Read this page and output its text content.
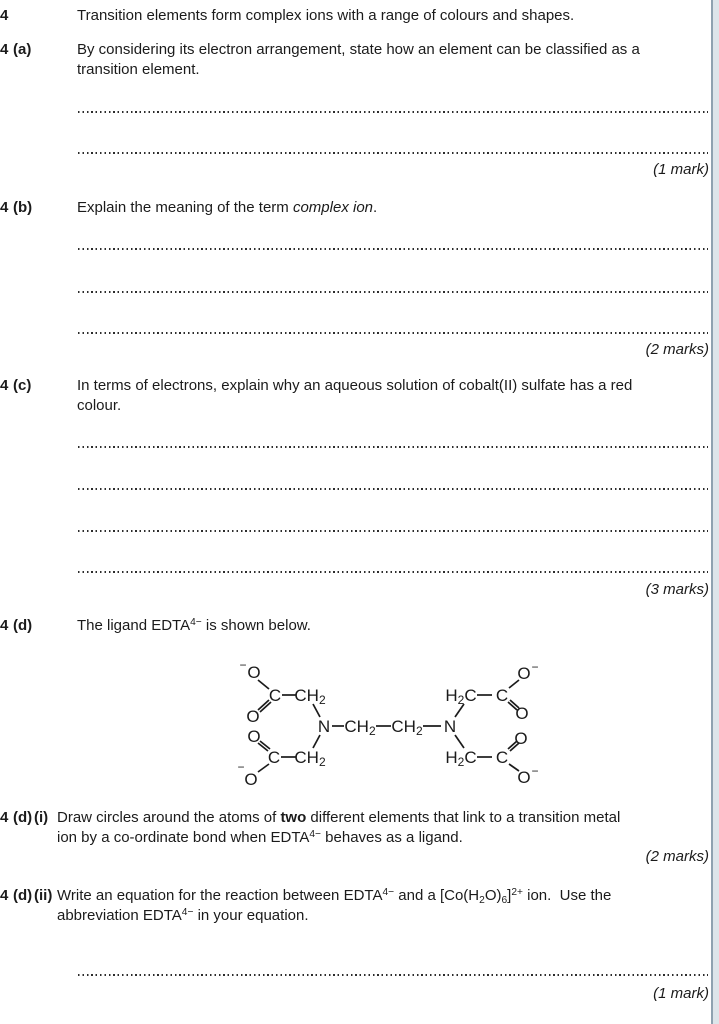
4	Transition elements form complex ions with a range of colours and shapes.
4 (a)	By considering its electron arrangement, state how an element can be classified as a
transition element.
(1 mark)
4 (b)	Explain the meaning of the term complex ion.
(2 marks)
4 (c)	In terms of electrons, explain why an aqueous solution of cobalt(II) sulfate has a red
colour.
(3 marks)
4 (d)	The ligand $EDTA^{4-}$ is shown below.
− O
C CH2
O
N CH2 CH2 N
O
C CH2
−
O
H2C C
O −
O
O
H2C C
O −
4 (d) (i) Draw circles around the atoms of two different elements that link to a transition metal
ion by a co-ordinate bond when $EDTA^{4-}$ behaves as a ligand.
(2 marks)
4 (d) (ii) Write an equation for the reaction between $EDTA^{4-}$ and a $[Co(H_2O)_6]^{2+}$ ion.  Use the
abbreviation $EDTA^{4-}$ in your equation.
(1 mark)
